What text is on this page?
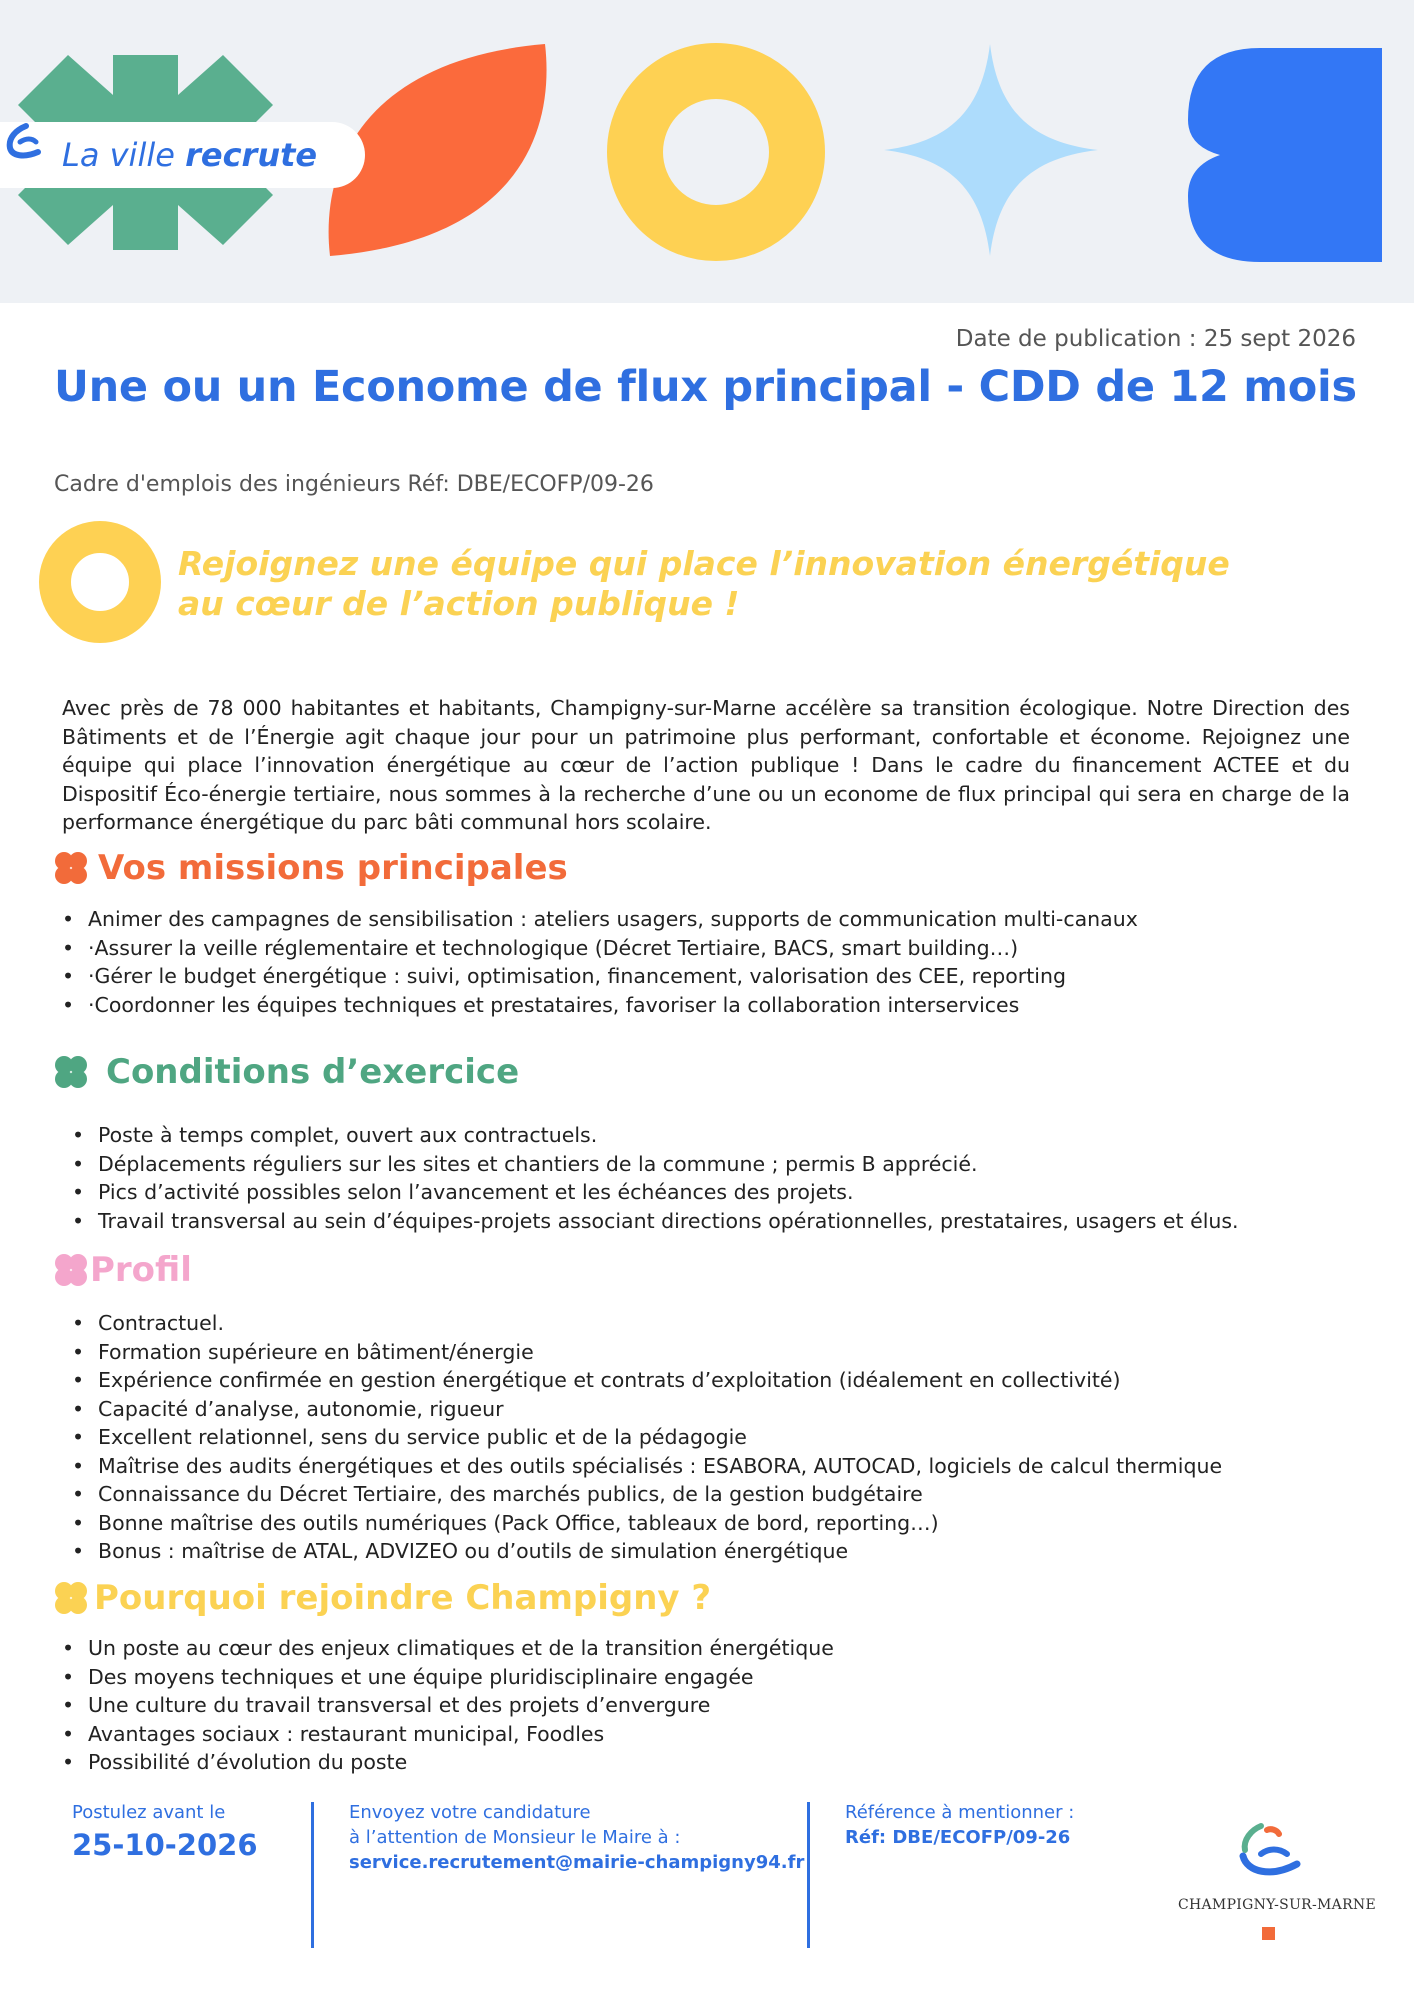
La ville recrute
Date de publication : 25 sept 2026
Une ou un Econome de flux principal - CDD de 12 mois
Cadre d'emplois des ingénieurs Réf: DBE/ECOFP/09-26
Rejoignez une équipe qui place l’innovation énergétique
au cœur de l’action publique !
Avec près de 78 000 habitantes et habitants, Champigny-sur-Marne accélère sa transition écologique. Notre Direction des Bâtiments et de l’Énergie agit chaque jour pour un patrimoine plus performant, confortable et économe. Rejoignez une équipe qui place l’innovation énergétique au cœur de l’action publique ! Dans le cadre du financement ACTEE et du Dispositif Éco-énergie tertiaire, nous sommes à la recherche d’une ou un econome de flux principal qui sera en charge de la performance énergétique du parc bâti communal hors scolaire.
Vos missions principales
• Animer des campagnes de sensibilisation : ateliers usagers, supports de communication multi-canaux
• ·Assurer la veille réglementaire et technologique (Décret Tertiaire, BACS, smart building…)
• ·Gérer le budget énergétique : suivi, optimisation, financement, valorisation des CEE, reporting
• ·Coordonner les équipes techniques et prestataires, favoriser la collaboration interservices
Conditions d’exercice
• Poste à temps complet, ouvert aux contractuels.
• Déplacements réguliers sur les sites et chantiers de la commune ; permis B apprécié.
• Pics d’activité possibles selon l’avancement et les échéances des projets.
• Travail transversal au sein d’équipes-projets associant directions opérationnelles, prestataires, usagers et élus.
Profil
• Contractuel.
• Formation supérieure en bâtiment/énergie
• Expérience confirmée en gestion énergétique et contrats d’exploitation (idéalement en collectivité)
• Capacité d’analyse, autonomie, rigueur
• Excellent relationnel, sens du service public et de la pédagogie
• Maîtrise des audits énergétiques et des outils spécialisés : ESABORA, AUTOCAD, logiciels de calcul thermique
• Connaissance du Décret Tertiaire, des marchés publics, de la gestion budgétaire
• Bonne maîtrise des outils numériques (Pack Office, tableaux de bord, reporting…)
• Bonus : maîtrise de ATAL, ADVIZEO ou d’outils de simulation énergétique
Pourquoi rejoindre Champigny ?
• Un poste au cœur des enjeux climatiques et de la transition énergétique
• Des moyens techniques et une équipe pluridisciplinaire engagée
• Une culture du travail transversal et des projets d’envergure
• Avantages sociaux : restaurant municipal, Foodles
• Possibilité d’évolution du poste
Postulez avant le
25-10-2026
Envoyez votre candidature
à l’attention de Monsieur le Maire à :
service.recrutement@mairie-champigny94.fr
Référence à mentionner :
Réf: DBE/ECOFP/09-26
CHAMPIGNY-SUR-MARNE
